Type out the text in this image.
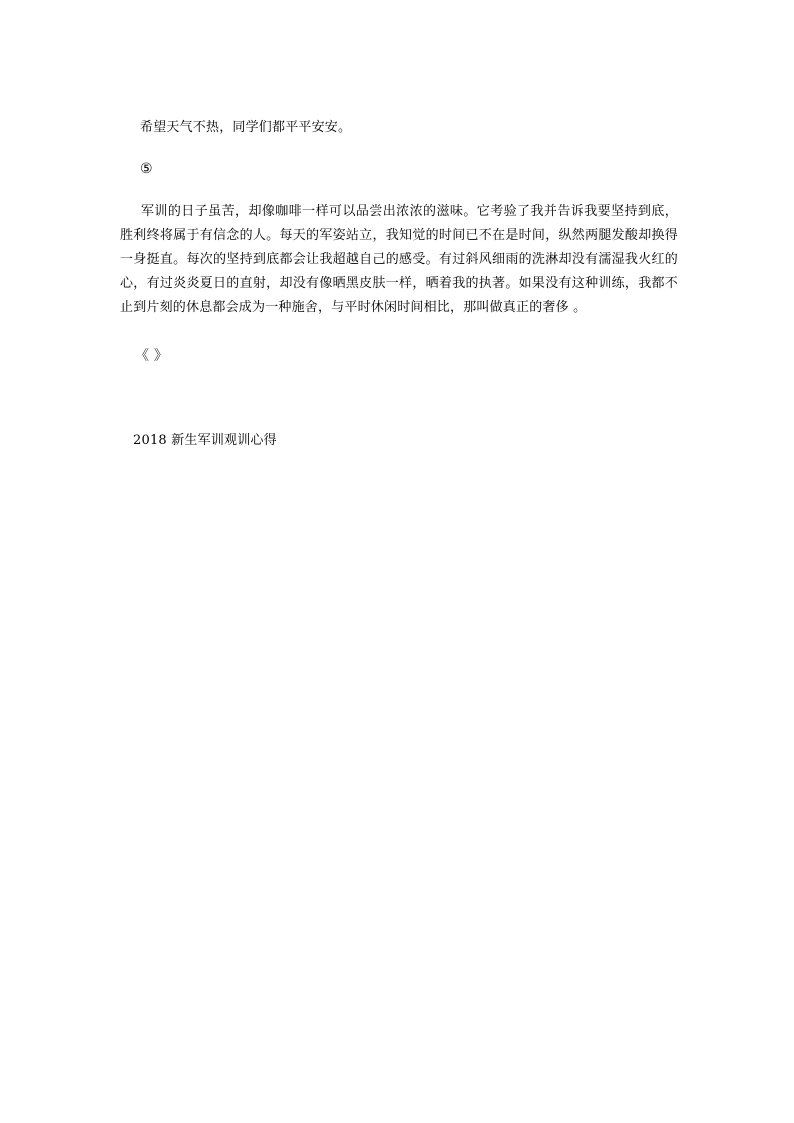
希望天气不热，同学们都平平安安。

⑤

军训的日子虽苦，却像咖啡一样可以品尝出浓浓的滋味。它考验了我并告诉我要坚持到底，胜利终将属于有信念的人。每天的军姿站立，我知觉的时间已不在是时间，纵然两腿发酸却换得一身挺直。每次的坚持到底都会让我超越自己的感受。有过斜风细雨的洗淋却没有濡湿我火红的心，有过炎炎夏日的直射，却没有像晒黑皮肤一样，晒着我的执著。如果没有这种训练，我都不止到片刻的休息都会成为一种施舍，与平时休闲时间相比，那叫做真正的奢侈 。

《 》

2018 新生军训观训心得
